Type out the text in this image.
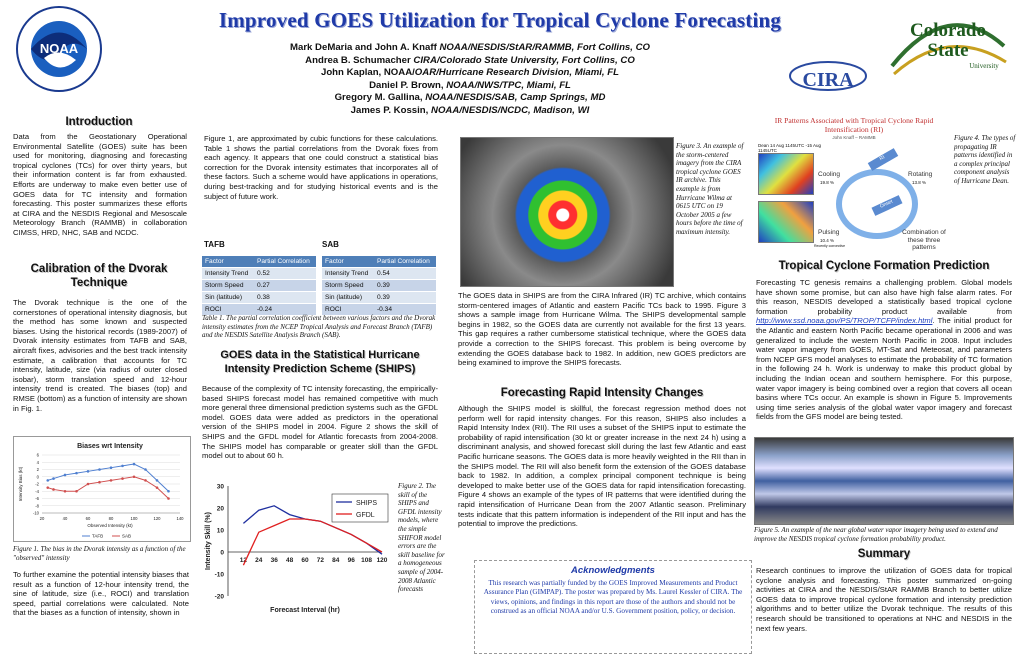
NOAA
Improved GOES Utilization for Tropical Cyclone Forecasting
Mark DeMaria and John A. Knaff NOAA/NESDIS/StAR/RAMMB, Fort Collins, CO
Andrea B. Schumacher CIRA/Colorado State University, Fort Collins, CO
John Kaplan, NOAA/OAR/Hurricane Research Division, Miami, FL
Daniel P. Brown, NOAA/NWS/TPC, Miami, FL
Gregory M. Gallina, NOAA/NESDIS/SAB, Camp Springs, MD
James P. Kossin, NOAA/NESDIS/NCDC, Madison, WI
CIRA
Colorado
State
University
Introduction
Data from the Geostationary Operational Environmental Satellite (GOES) suite has been used for monitoring, diagnosing and forecasting tropical cyclones (TCs) for over thirty years, but their information content is far from exhausted. Efforts are underway to make even better use of GOES data for TC intensity and formation forecasting. This poster summarizes these efforts at CIRA and the NESDIS Regional and Mesoscale Meteorology Branch (RAMMB) in collaboration CIMSS, HRD, NHC, SAB and NCDC.
Calibration of the Dvorak Technique
The Dvorak technique is the one of the cornerstones of operational intensity diagnosis, but the method has some known and suspected biases. Using the historical records (1989-2007) of Dvorak intensity estimates from TAFB and SAB, aircraft fixes, advisories and the best track intensity estimate, a calibration that accounts for TC intensity, latitude, size (via radius of outer closed isobar), storm translation speed and 12-hour intensity trend is created. The biases (top) and RMSE (bottom) as a function of intensity are shown in Fig. 1.
Biases wrt Intensity
6
4
2
0
-2
-4
-6
-8
-10
20	40	60	80	100	120	140
Observed Intensity (kt)
Intensity Bias (kt)
TAFB	SAB
Figure 1. The bias in the Dvorak intensity as a function of the "observed" intensity
To further examine the potential intensity biases that result as a function of 12-hour intensity trend, the sine of latitude, size (i.e., ROCI) and translation speed, partial correlations were calculated. Note that the biases as a function of intensity, shown in
Figure 1, are approximated by cubic functions for these calculations. Table 1 shows the partial correlations from the Dvorak fixes from each agency. It appears that one could construct a statistical bias correction for the Dvorak intensity estimates that incorporates all of these factors. Such a scheme would have applications in operations, during best-tracking and for studying historical events and is the subject of future work.
TAFB	SAB
Factor	Partial Correlation
Intensity Trend	0.52
Storm Speed	0.27
Sin (latitude)	0.38
ROCI	-0.24
Factor	Partial Correlation
Intensity Trend	0.54
Storm Speed	0.39
Sin (latitude)	0.39
ROCI	-0.34
Table 1. The partial correlation coefficient between various factors and the Dvorak intensity estimates from the NCEP Tropical Analysis and Forecast Branch (TAFB) and the NESDIS Satellite Analysis Branch (SAB).
GOES data in the Statistical Hurricane Intensity Prediction Scheme (SHIPS)
Because of the complexity of TC intensity forecasting, the empirically-based SHIPS forecast model has remained competitive with much more general three dimensional prediction systems such as the GFDL model. GOES data were added as predictors in the operational version of the SHIPS model in 2004. Figure 2 shows the skill of SHIPS and the GFDL model for Atlantic forecasts from 2004-2008. The SHIPS model has comparable or greater skill than the GFDL model out to about 60 h.
30
20
10
0
-10
-20
12 24 36 48 60 72 84 96 108 120
Forecast Interval (hr)
Intensity Skill (%)
SHIPS
GFDL
Figure 2. The skill of the SHIPS and GFDL intensity models, where the simple SHIFOR model errors are the skill baseline for a homogeneous sample of 2004-2008 Atlantic forecasts
Figure 3. An example of the storm-centered imagery from the CIRA tropical cyclone GOES IR archive. This example is from Hurricane Wilma at 0615 UTC on 19 October 2005 a few hours before the time of maximum intensity.
The GOES data in SHIPS are from the CIRA Infrared (IR) TC archive, which contains storm-centered images of Atlantic and eastern Pacific TCs back to 1995. Figure 3 shows a sample image from Hurricane Wilma. The SHIPS developmental sample begins in 1982, so the GOES data are currently not available for the first 13 years. This gap requires a rather cumbersome statistical technique, where the GOES data provide a correction to the SHIPS forecast. This problem is being overcome by extending the GOES database back to 1982. In addition, new GOES predictors are being examined to improve the SHIPS forecasts.
Forecasting Rapid Intensity Changes
Although the SHIPS model is skillful, the forecast regression method does not perform well for rapid intensity changes. For this reason, SHIPS also includes a Rapid Intensity Index (RII). The RII uses a subset of the SHIPS input to estimate the probability of rapid intensification (30 kt or greater increase in the next 24 h) using a discriminant analysis, and showed forecast skill during the last few Atlantic and east Pacific hurricane seasons. The GOES data is more heavily weighted in the RII than in the SHIPS model. The RII will also benefit form the extension of the GOES database back to 1982. In addition, a complex principal component technique is being developed to make better use of the GOES data for rapid intensification forecasting. Figure 4 shows an example of the types of IR patterns that were identified during the rapid intensification of Hurricane Dean from the 2007 Atlantic season. Preliminary tests indicate that this pattern information is independent of the RII input and has the potential to improve the predictions.
Acknowledgments
This research was partially funded by the GOES Improved Measurements and Product Assurance Plan (GIMPAP). The poster was prepared by Ms. Laurel Kessler of CIRA. The views, opinions, and findings in this report are those of the authors and should not be construed as an official NOAA and/or U.S. Government position, policy, or decision.
IR Patterns Associated with Tropical Cyclone Rapid Intensification (RI)
John Knaff – RAMMB
Dean 14 Aug 1145UTC -15 Aug 1145UTC
RI
Cooling
19.8 %
Rotating
13.8 %
Onset
Pulsing
10.4 %
Recently convective
Combination of these three patterns
Figure 4. The types of propagating IR patterns identified in a complex principal component analysis of Hurricane Dean.
Tropical Cyclone Formation Prediction
Forecasting TC genesis remains a challenging problem. Global models have shown some promise, but can also have high false alarm rates. For this reason, NESDIS developed a statistically based tropical cyclone formation probability product available from http://www.ssd.noaa.gov/PS/TROP/TCFP/index.html. The initial product for the Atlantic and eastern North Pacific became operational in 2006 and was generalized to include the western North Pacific in 2008. Input includes water vapor imagery from GOES, MT-Sat and Meteosat, and parameters from NCEP GFS model analyses to estimate the probability of TC formation in the following 24 h. Work is underway to make this product global by including the Indian ocean and southern hemisphere. For this purpose, water vapor imagery is being combined over a region that covers all ocean basins where TCs occur. An example is shown in Figure 5. Improvements using time series analysis of the global water vapor imagery and forecast fields from the GFS model are being tested.
Figure 5. An example of the near global water vapor imagery being used to extend and improve the NESDIS tropical cyclone formation probability product.
Summary
Research continues to improve the utilization of GOES data for tropical cyclone analysis and forecasting. This poster summarized on-going activities at CIRA and the NESDIS/StAR RAMMB Branch to better utilize GOES data to improve tropical cyclone formation and intensity prediction algorithms and to better utilize the Dvorak technique. The results of this research should be transitioned to operations at NHC and NESDIS in the next few years.
